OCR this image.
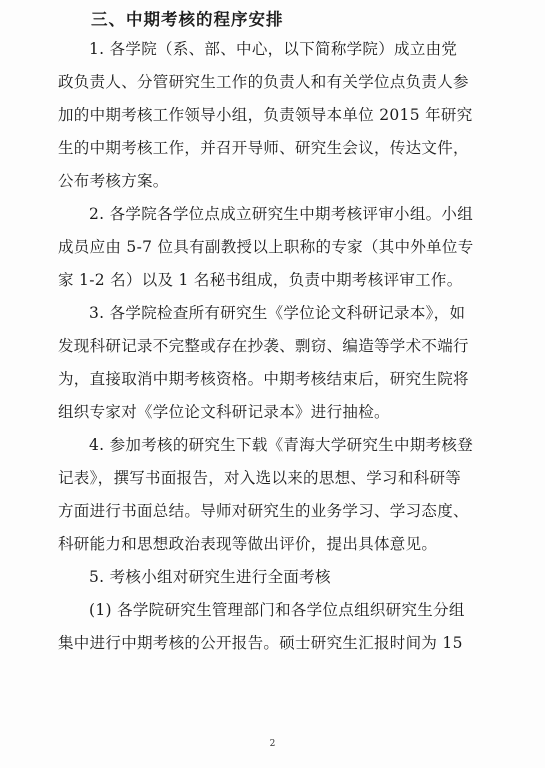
三、中期考核的程序安排
1. 各学院（系、部、中心，以下简称学院）成立由党
政负责人、分管研究生工作的负责人和有关学位点负责人参
加的中期考核工作领导小组，负责领导本单位 2015 年研究
生的中期考核工作，并召开导师、研究生会议，传达文件，
公布考核方案。
2. 各学院各学位点成立研究生中期考核评审小组。小组
成员应由 5-7 位具有副教授以上职称的专家（其中外单位专
家 1-2 名）以及 1 名秘书组成，负责中期考核评审工作。
3. 各学院检查所有研究生《学位论文科研记录本》，如
发现科研记录不完整或存在抄袭、剽窃、编造等学术不端行
为，直接取消中期考核资格。中期考核结束后，研究生院将
组织专家对《学位论文科研记录本》进行抽检。
4. 参加考核的研究生下载《青海大学研究生中期考核登
记表》，撰写书面报告，对入选以来的思想、学习和科研等
方面进行书面总结。导师对研究生的业务学习、学习态度、
科研能力和思想政治表现等做出评价，提出具体意见。
5. 考核小组对研究生进行全面考核
(1) 各学院研究生管理部门和各学位点组织研究生分组
集中进行中期考核的公开报告。硕士研究生汇报时间为 15
2
